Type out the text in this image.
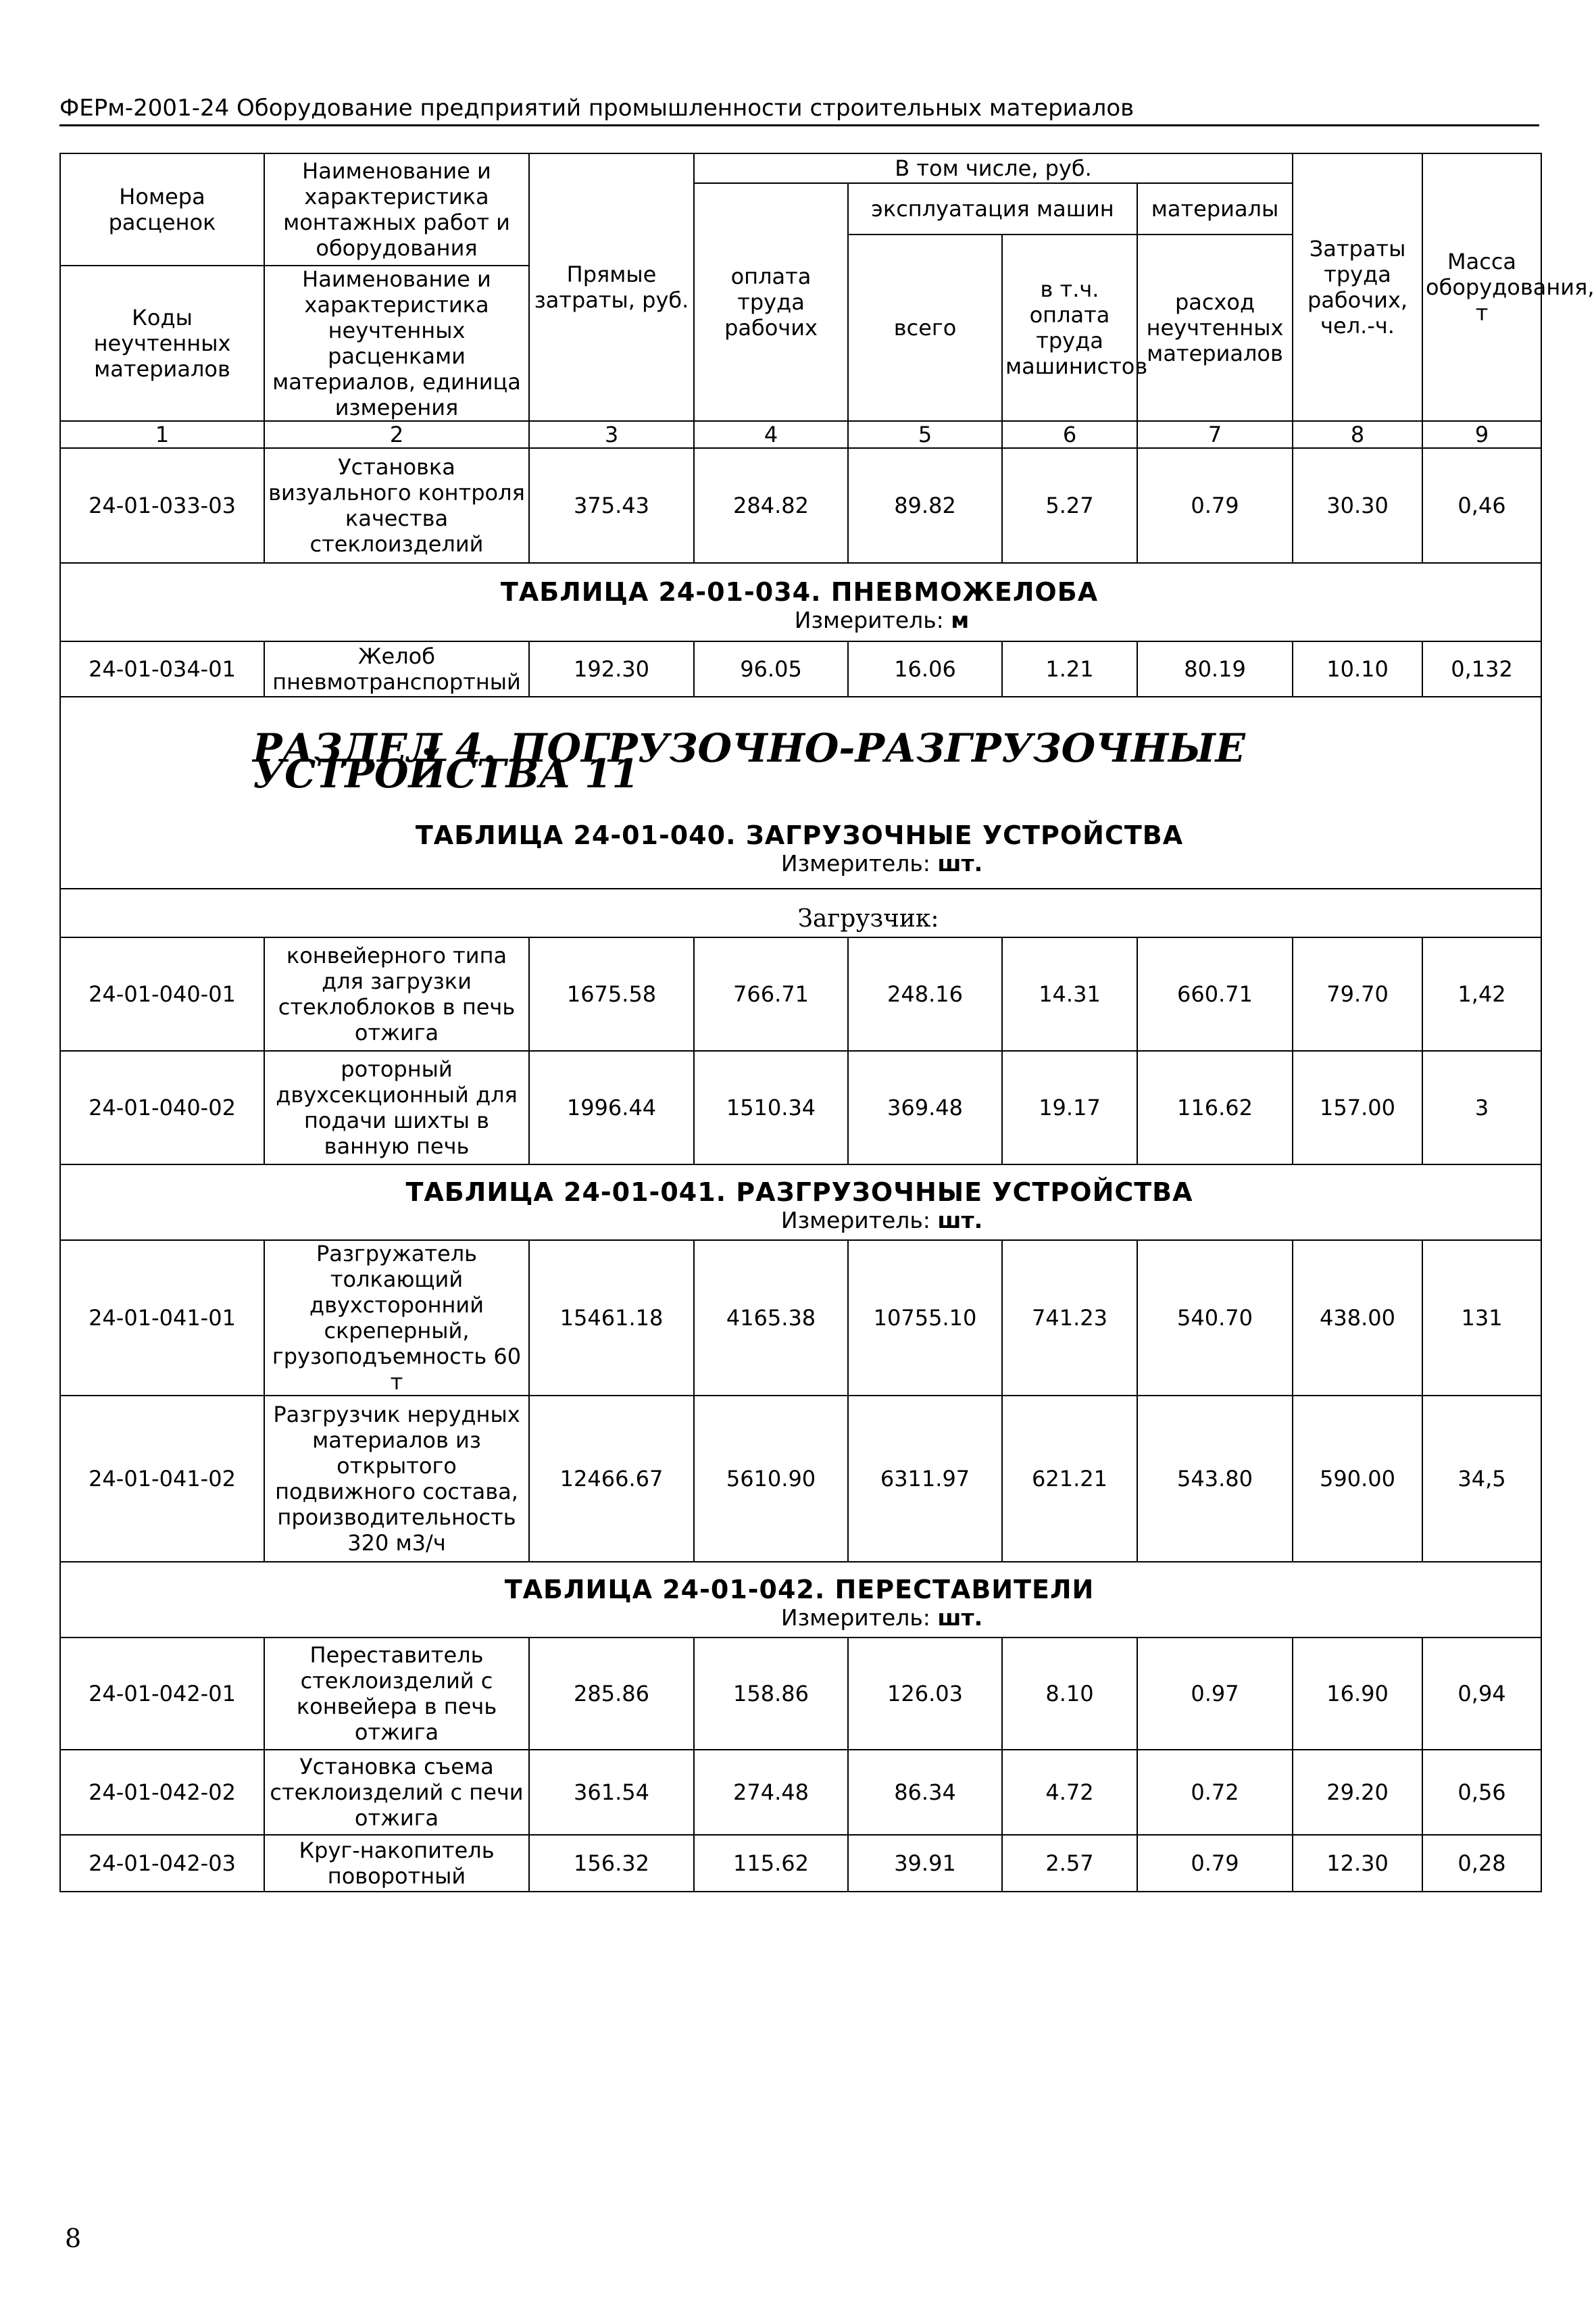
ФЕРм-2001-24 Оборудование предприятий промышленности строительных материалов
Номера расценок	Наименование и характеристика монтажных работ и оборудования	Прямые затраты, руб.	В том числе, руб.				Затраты труда рабочих, чел.-ч.	Масса оборудования, т
			оплата труда рабочих	эксплуатация машин		материалы		
				всего	в т.ч. оплата труда машинистов	расход неучтенных материалов		
Коды неучтенных материалов	Наименование и характеристика неучтенных расценками материалов, единица измерения							

1	2	3	4	5	6	7	8	9
24-01-033-03	Установка визуального контроля качества стеклоизделий	375.43	284.82	89.82	5.27	0.79	30.30	0,46

ТАБЛИЦА 24-01-034. ПНЕВМОЖЕЛОБА
Измеритель: м								

24-01-034-01	Желоб пневмотранспортный	192.30	96.05	16.06	1.21	80.19	10.10	0,132

РАЗДЕЛ 4. ПОГРУЗОЧНО-РАЗГРУЗОЧНЫЕ УСТРОЙСТВА 11
ТАБЛИЦА 24-01-040. ЗАГРУЗОЧНЫЕ УСТРОЙСТВА
Измеритель: шт.								

Загрузчик:								

24-01-040-01	конвейерного типа для загрузки стеклоблоков в печь отжига	1675.58	766.71	248.16	14.31	660.71	79.70	1,42
24-01-040-02	роторный двухсекционный для подачи шихты в ванную печь	1996.44	1510.34	369.48	19.17	116.62	157.00	3

ТАБЛИЦА 24-01-041. РАЗГРУЗОЧНЫЕ УСТРОЙСТВА
Измеритель: шт.								

24-01-041-01	Разгружатель толкающий двухсторонний скреперный, грузоподъемность 60 т	15461.18	4165.38	10755.10	741.23	540.70	438.00	131
24-01-041-02	Разгрузчик нерудных материалов из открытого подвижного состава, производительность 320 м3/ч	12466.67	5610.90	6311.97	621.21	543.80	590.00	34,5

ТАБЛИЦА 24-01-042. ПЕРЕСТАВИТЕЛИ
Измеритель: шт.								

24-01-042-01	Переставитель стеклоизделий с конвейера в печь отжига	285.86	158.86	126.03	8.10	0.97	16.90	0,94
24-01-042-02	Установка съема стеклоизделий с печи отжига	361.54	274.48	86.34	4.72	0.72	29.20	0,56
24-01-042-03	Круг-накопитель поворотный	156.32	115.62	39.91	2.57	0.79	12.30	0,28
8
